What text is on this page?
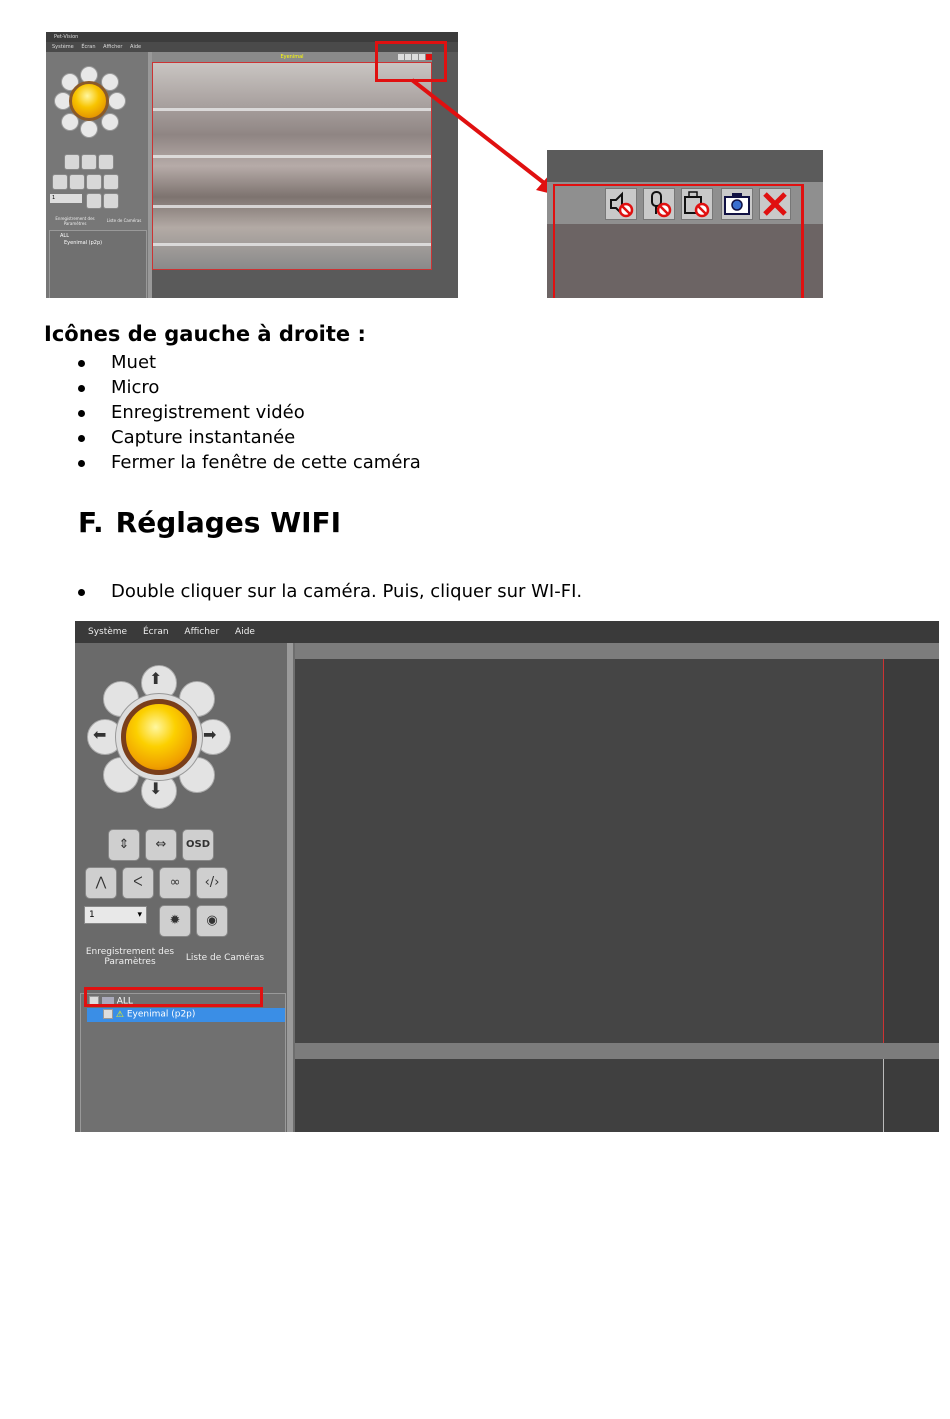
Pet-Vision
Système Écran Afficher Aide
1
Enregistrement des Paramètres
Liste de Caméras
ALL
Eyenimal (p2p)
Eyenimal
Icônes de gauche à droite :
Muet
Micro
Enregistrement vidéo
Capture instantanée
Fermer la fenêtre de cette caméra
F. Réglages WIFI
Double cliquer sur la caméra. Puis, cliquer sur WI-FI.
Système Écran Afficher Aide
⬆
⬇
⬅	➡
⇕	⇔	OSD
⋀	ᐸ	∞	‹/›
1	▾	✹	◉
Enregistrement des Paramètres	Liste de Caméras
ALL
⚠ Eyenimal (p2p)
